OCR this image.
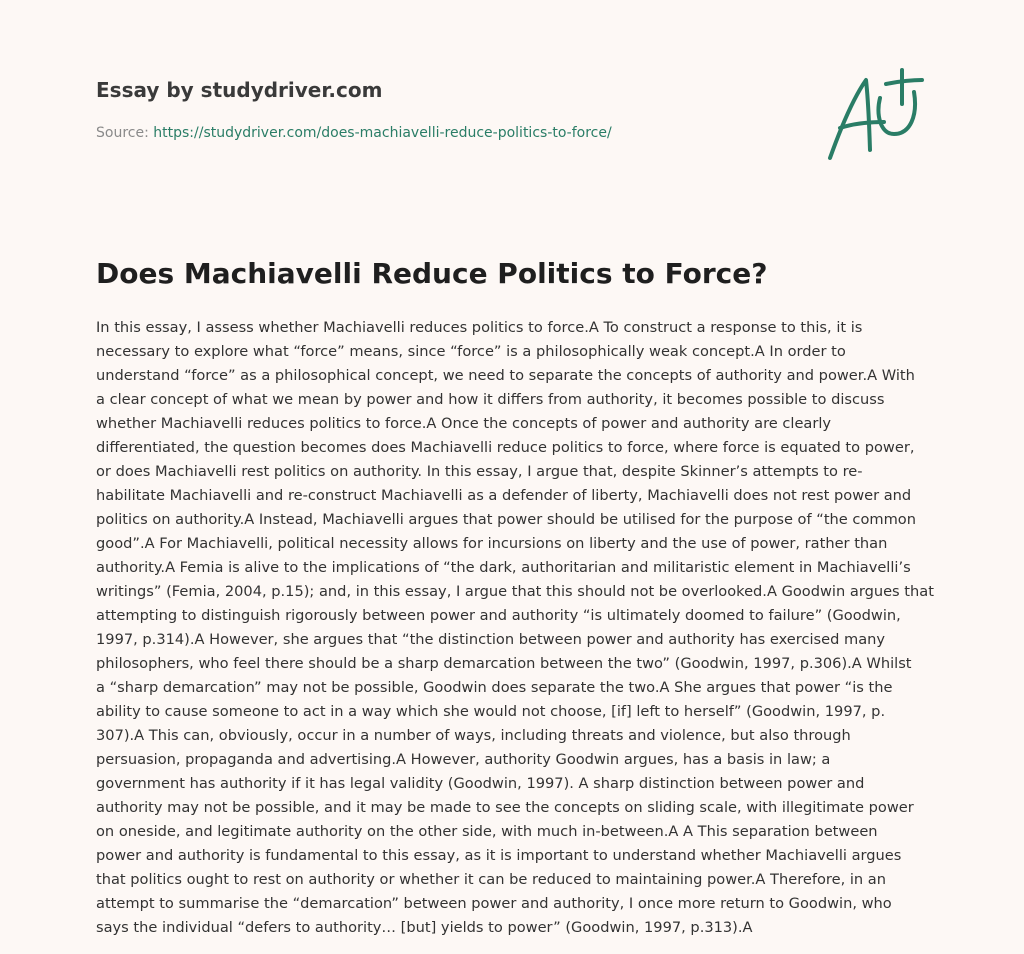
Essay by studydriver.com
Source: https://studydriver.com/does-machiavelli-reduce-politics-to-force/
Does Machiavelli Reduce Politics to Force?
In this essay, I assess whether Machiavelli reduces politics to force.A To construct a response to this, it is
necessary to explore what “force” means, since “force” is a philosophically weak concept.A In order to
understand “force” as a philosophical concept, we need to separate the concepts of authority and power.A With
a clear concept of what we mean by power and how it differs from authority, it becomes possible to discuss
whether Machiavelli reduces politics to force.A Once the concepts of power and authority are clearly
differentiated, the question becomes does Machiavelli reduce politics to force, where force is equated to power,
or does Machiavelli rest politics on authority. In this essay, I argue that, despite Skinner’s attempts to re-
habilitate Machiavelli and re-construct Machiavelli as a defender of liberty, Machiavelli does not rest power and
politics on authority.A Instead, Machiavelli argues that power should be utilised for the purpose of “the common
good”.A For Machiavelli, political necessity allows for incursions on liberty and the use of power, rather than
authority.A Femia is alive to the implications of “the dark, authoritarian and militaristic element in Machiavelli’s
writings” (Femia, 2004, p.15); and, in this essay, I argue that this should not be overlooked.A Goodwin argues that
attempting to distinguish rigorously between power and authority “is ultimately doomed to failure” (Goodwin,
1997, p.314).A However, she argues that “the distinction between power and authority has exercised many
philosophers, who feel there should be a sharp demarcation between the two” (Goodwin, 1997, p.306).A Whilst
a “sharp demarcation” may not be possible, Goodwin does separate the two.A She argues that power “is the
ability to cause someone to act in a way which she would not choose, [if] left to herself” (Goodwin, 1997, p.
307).A This can, obviously, occur in a number of ways, including threats and violence, but also through
persuasion, propaganda and advertising.A However, authority Goodwin argues, has a basis in law; a
government has authority if it has legal validity (Goodwin, 1997). A sharp distinction between power and
authority may not be possible, and it may be made to see the concepts on sliding scale, with illegitimate power
on oneside, and legitimate authority on the other side, with much in-between.A A This separation between
power and authority is fundamental to this essay, as it is important to understand whether Machiavelli argues
that politics ought to rest on authority or whether it can be reduced to maintaining power.A Therefore, in an
attempt to summarise the “demarcation” between power and authority, I once more return to Goodwin, who
says the individual “defers to authority… [but] yields to power” (Goodwin, 1997, p.313).A
